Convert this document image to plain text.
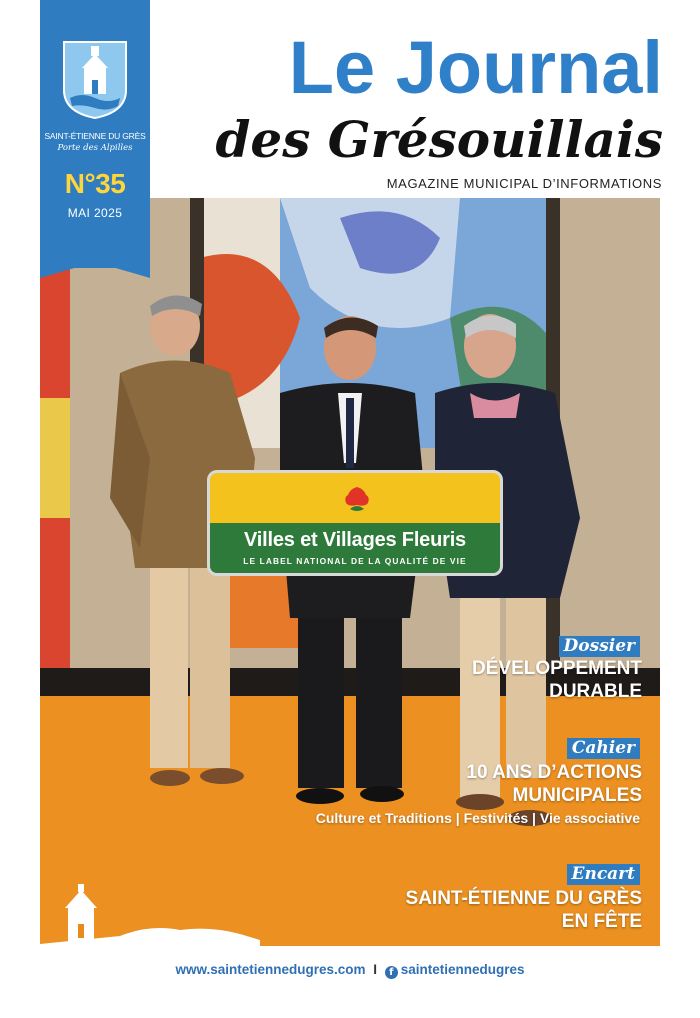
Le Journal
des Grésouillais
MAGAZINE MUNICIPAL D’INFORMATIONS
Villes et Villages Fleuris
LE LABEL NATIONAL DE LA QUALITÉ DE VIE
SAINT-ÉTIENNE DU GRÈS
Porte des Alpilles
N°35
MAI 2025
Dossier
DÉVELOPPEMENT
DURABLE
Cahier
10 ANS D’ACTIONS
MUNICIPALES
Culture et Traditions | Festivités | Vie associative
Encart
SAINT-ÉTIENNE DU GRÈS
EN FÊTE
www.saintetiennedugres.com I f saintetiennedugres
